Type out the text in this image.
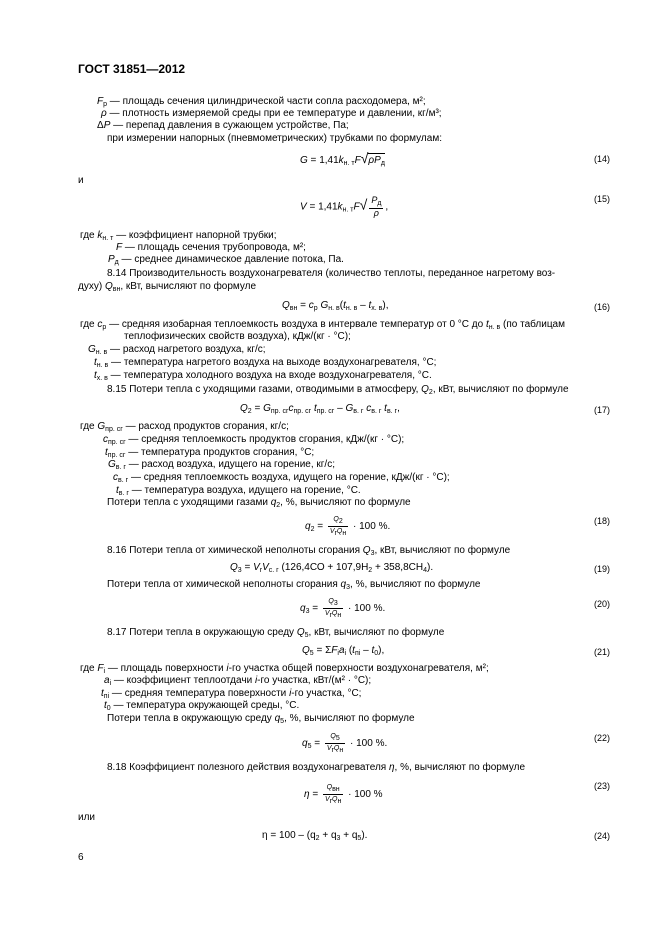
ГОСТ 31851—2012
$F_р$ — площадь сечения цилиндрической части сопла расходомера, м²;
ρ — плотность измеряемой среды при ее температуре и давлении, кг/м³;
ΔP — перепад давления в сужающем устройстве, Па;
при измерении напорных (пневмометрических) трубками по формулам:
$G = 1,41k_{н. т}F√\rho P_д$	(14)
и
$V = 1,41k_{н. т}F√ \frac{P_д}{\rho}$ ,
(15)
где $k_{н. т}$ — коэффициент напорной трубки;
F — площадь сечения трубопровода, м²;
$P_д$ — среднее динамическое давление потока, Па.
8.14 Производительность воздухонагревателя (количество теплоты, переданное нагретому воз-
духу) $Q_{вн}$, кВт, вычисляют по формуле
$Q_{вн} = c_р$ $G_{н. в}(t_{н. в} - t_{х. в})$,	(16)
где $c_р$ — средняя изобарная теплоемкость воздуха в интервале температур от 0 °С до $t_{н. в}$ (по таблицам
теплофизических свойств воздуха), кДж/(кг · °С);
$G_{н. в}$ — расход нагретого воздуха, кг/с;
$t_{н. в}$ — температура нагретого воздуха на выходе воздухонагревателя, °С;
$t_{х. в}$ — температура холодного воздуха на входе воздухонагревателя, °С.
8.15 Потери тепла с уходящими газами, отводимыми в атмосферу, $Q_2$, кВт, вычисляют по формуле
$Q_2 = G_{пр. сг}c_{пр. сг}$ $t_{пр. сг} - G_{в. г}$ $c_{в. г}$ $t_{в. г}$,	(17)
где $G_{пр. сг}$ — расход продуктов сгорания, кг/с;
$c_{пр. сг}$ — средняя теплоемкость продуктов сгорания, кДж/(кг · °С);
$t_{пр. сг}$ — температура продуктов сгорания, °С;
$G_{в. г}$ — расход воздуха, идущего на горение, кг/с;
$c_{в. г}$ — средняя теплоемкость воздуха, идущего на горение, кДж/(кг · °С);
$t_{в. г}$ — температура воздуха, идущего на горение, °С.
Потери тепла с уходящими газами $q_2$, %, вычисляют по формуле
$q_2 = \frac{Q_2}{V_rQ_н} \cdot 100$ %.
(18)
8.16 Потери тепла от химической неполноты сгорания $Q_3$, кВт, вычисляют по формуле
$Q_3 = V_rV_{с. г}$ $(126,4СО + 107,9H_2 + 358,8CH_4)$.	(19)
Потери тепла от химической неполноты сгорания $q_3$, %, вычисляют по формуле
$q_3 = \frac{Q_3}{V_rQ_н} \cdot 100$ %.	(20)
8.17 Потери тепла в окружающую среду $Q_5$, кВт, вычисляют по формуле
$Q_5 = \Sigma F_ia_i$ $(t_{пi} - t_0)$,	(21)
где $F_i$ — площадь поверхности i-го участка общей поверхности воздухонагревателя, м²;
$a_i$ — коэффициент теплоотдачи i-го участка, кВт/(м² · °С);
$t_{пi}$ — средняя температура поверхности i-го участка, °С;
$t_0$ — температура окружающей среды, °С.
Потери тепла в окружающую среду $q_5$, %, вычисляют по формуле
$q_5 = \frac{Q_5}{V_rQ_н} \cdot 100$ %.
(22)
8.18 Коэффициент полезного действия воздухонагревателя η, %, вычисляют по формуле
$\eta = \frac{Q_{вн}}{V_rQ_н} \cdot 100$ %
(23)
или
$\eta = 100 - (q_2 + q_3 + q_5)$.	(24)
6
